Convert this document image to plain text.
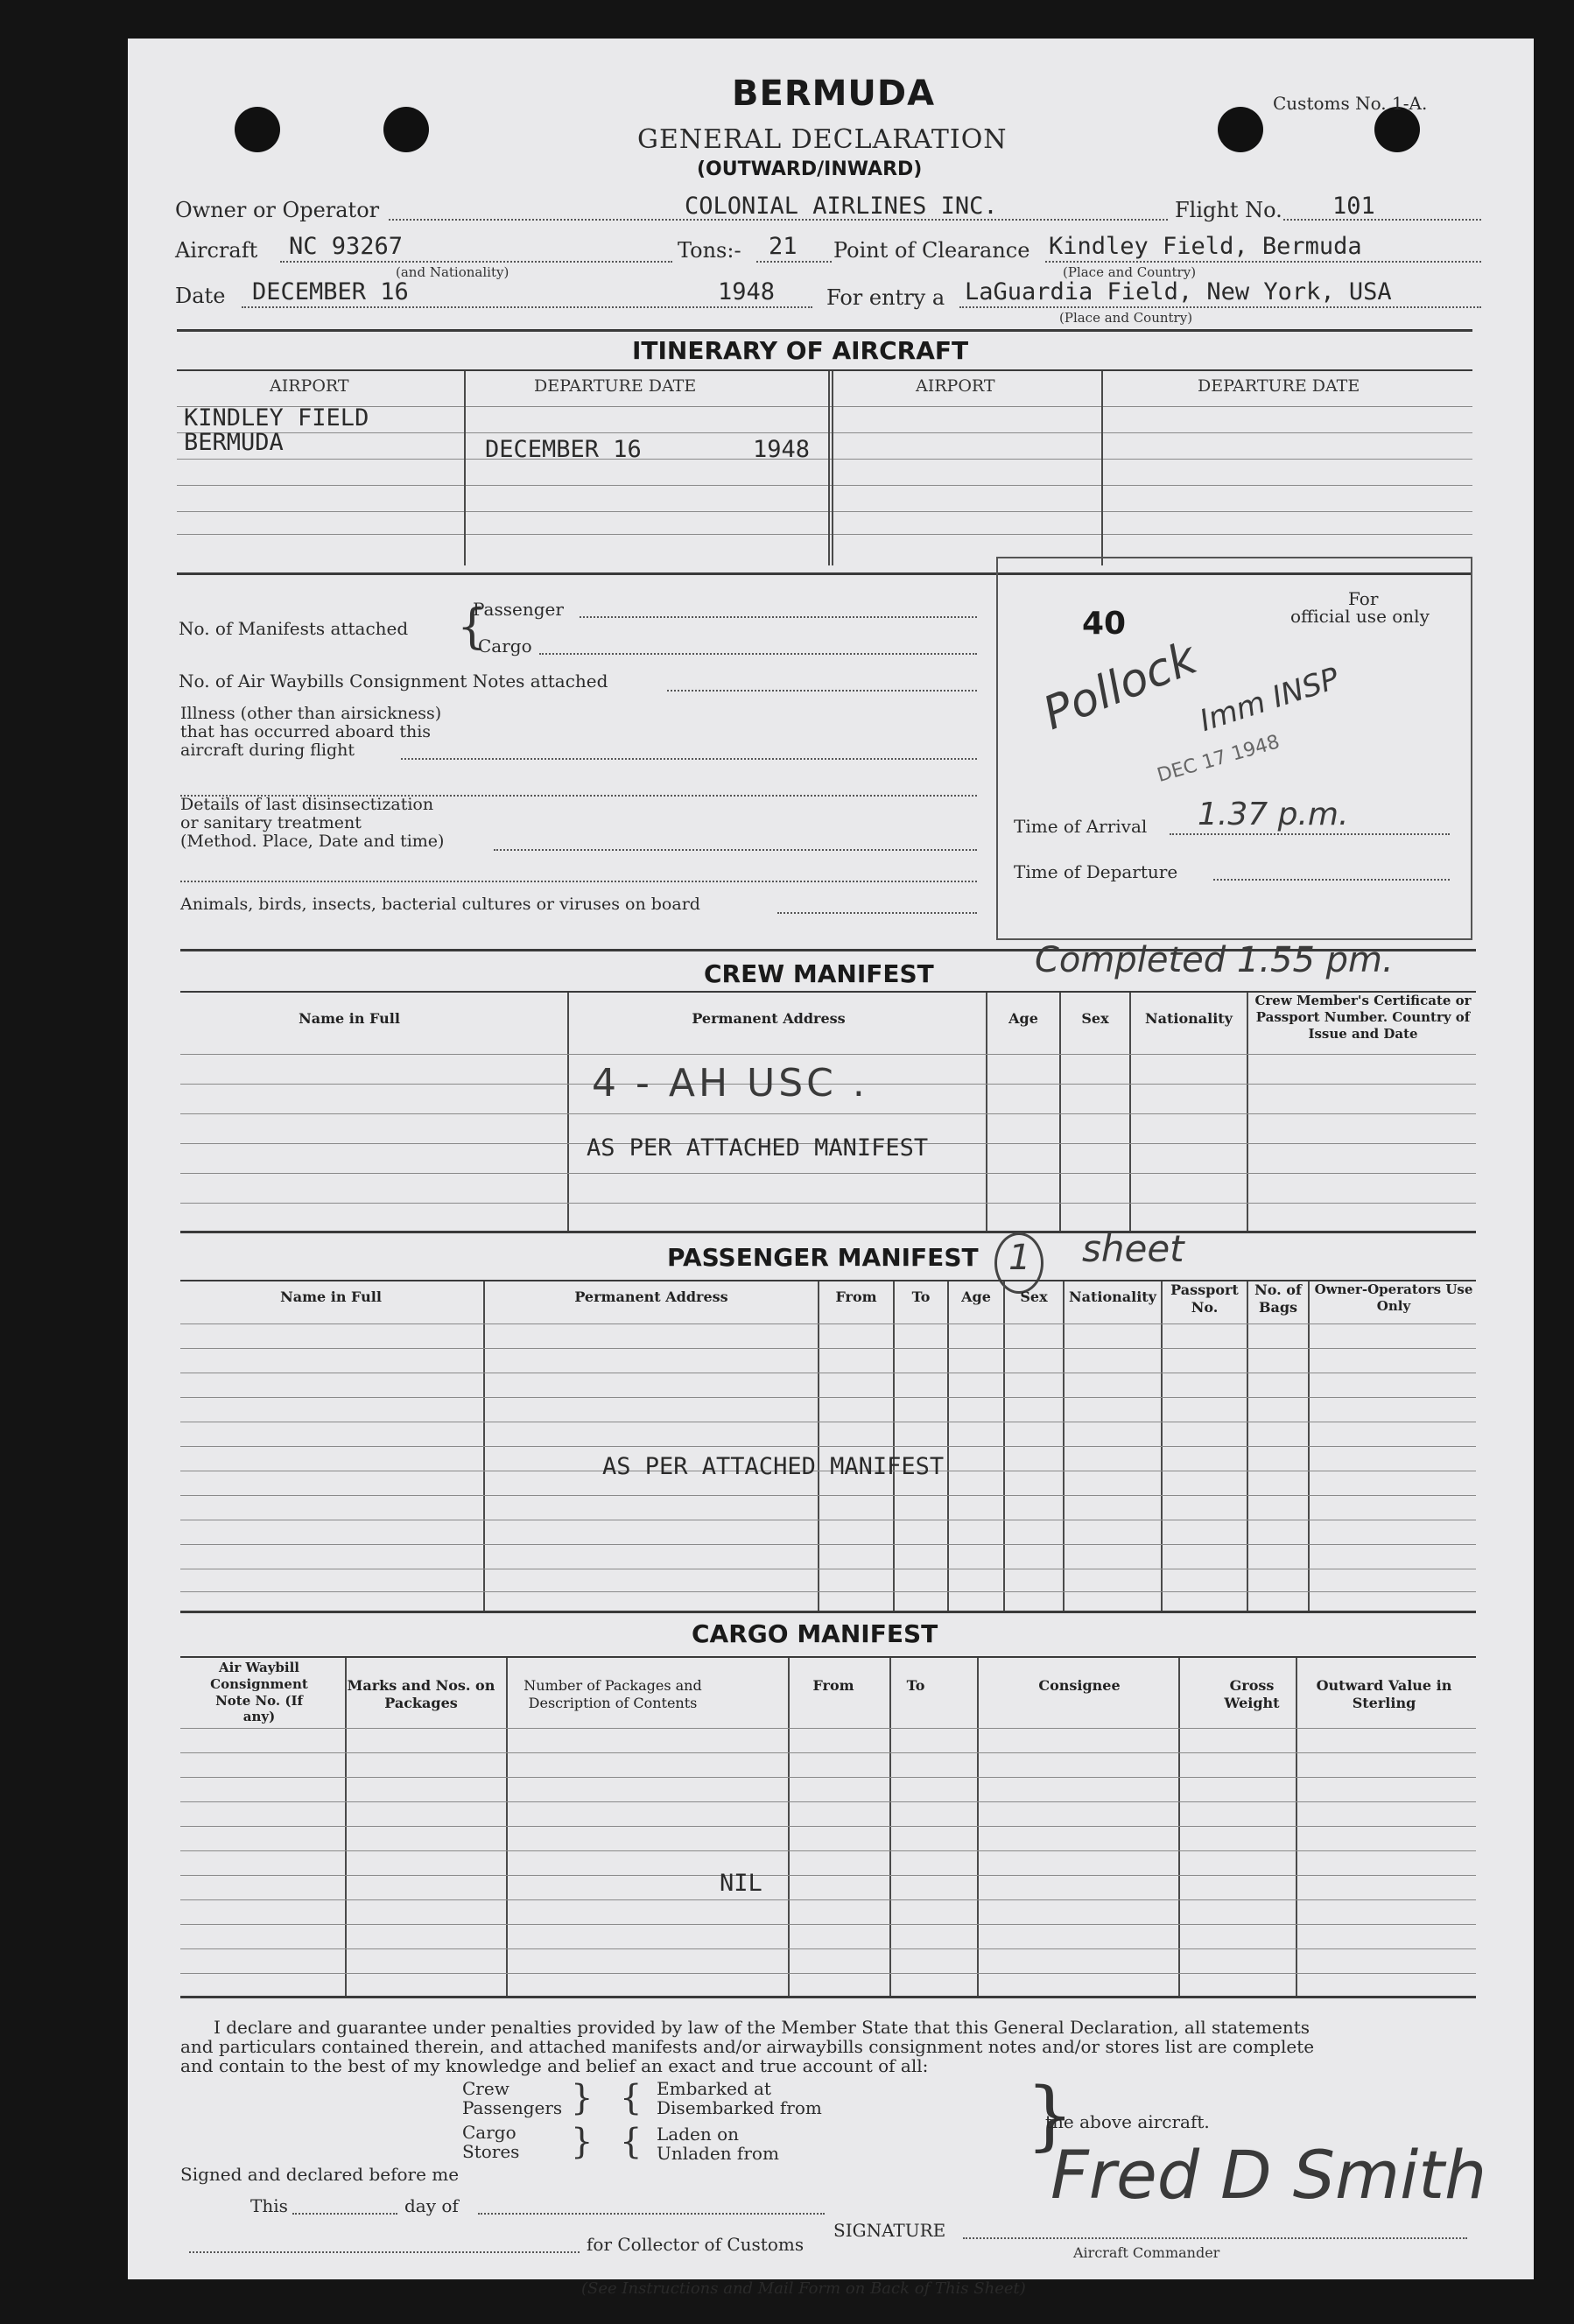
BERMUDA
GENERAL DECLARATION
(OUTWARD/INWARD)
Customs No. 1-A.
Owner or Operator	COLONIAL AIRLINES INC.	Flight No. 101
Aircraft NC 93267
(and Nationality)
Tons:- 21 Point of Clearance Kindley Field, Bermuda
(Place and Country)
Date DECEMBER 16	1948 For entry a LaGuardia Field, New York, USA
(Place and Country)
ITINERARY OF AIRCRAFT
AIRPORT	DEPARTURE DATE	AIRPORT	DEPARTURE DATE
KINDLEY FIELD
BERMUDA	DECEMBER 16	1948
No. of Manifests attached {
Passenger
Cargo
No. of Air Waybills Consignment Notes attached
Illness (other than airsickness)
that has occurred aboard this
aircraft during flight
Details of last disinsectization
or sanitary treatment
(Method. Place, Date and time)
Animals, birds, insects, bacterial cultures or viruses on board
For
official use only
40
Pollock
Imm INSP
DEC 17 1948
Time of Arrival 1.37 p.m.
Time of Departure
CREW MANIFEST	Completed 1.55 pm.
Name in Full	Permanent Address	Age	Sex	Nationality
Crew Member's Certificate or Passport Number. Country of Issue and Date
4 - AH USC .
AS PER ATTACHED MANIFEST
PASSENGER MANIFEST 1 sheet
Name in Full	Permanent Address	From	To	Age	Sex	Nationality	Passport No.
No. of Bags
Owner-Operators Use Only
AS PER ATTACHED MANIFEST
CARGO MANIFEST
Air Waybill Consignment Note No. (If any)
Marks and Nos. on Packages
Number of Packages and Description of Contents
From	To	Consignee	Gross Weight
Outward Value in Sterling
NIL
I declare and guarantee under penalties provided by law of the Member State that this General Declaration, all statements
and particulars contained therein, and attached manifests and/or airwaybills consignment notes and/or stores list are complete
and contain to the best of my knowledge and belief an exact and true account of all:
Crew
Passengers }
Cargo
Stores }
{ Embarked at
Disembarked from
{ Laden on
Unladen from	}
the above aircraft.
Signed and declared before me
This	day of
for Collector of Customs
SIGNATURE
Fred D Smith
Aircraft Commander
(See Instructions and Mail Form on Back of This Sheet)
